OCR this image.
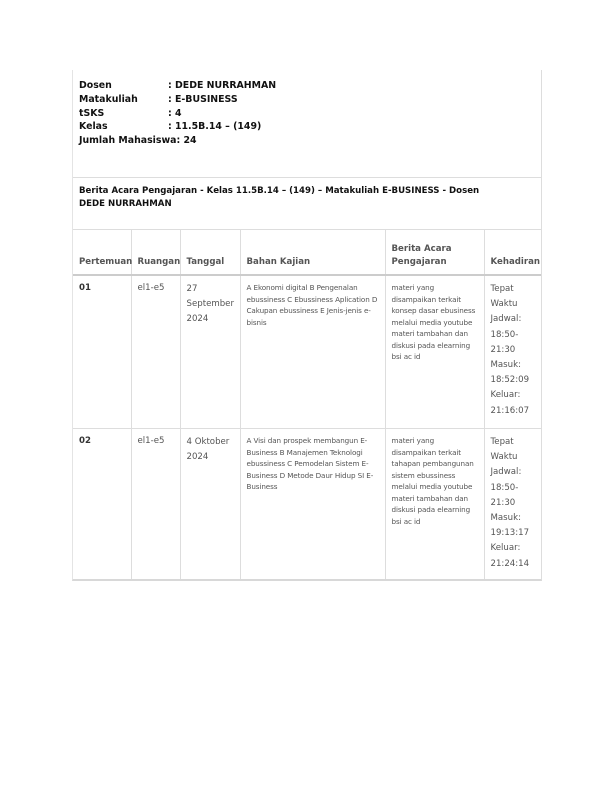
Dosen	: DEDE NURRAHMAN
Matakuliah	: E-BUSINESS
tSKS	: 4
Kelas	: 11.5B.14 – (149)
Jumlah Mahasiswa : 24
Berita Acara Pengajaran - Kelas 11.5B.14 – (149) – Matakuliah E-BUSINESS - Dosen DEDE NURRAHMAN
Pertemuan	Ruangan	Tanggal	Bahan Kajian	Berita Acara Pengajaran	Kehadiran
01	el1-e5	27 September 2024	A Ekonomi digital B Pengenalan ebussiness C Ebussiness Aplication D Cakupan ebussiness E Jenis-jenis e-bisnis	materi yang disampaikan terkait konsep dasar ebusiness melalui media youtube materi tambahan dan diskusi pada elearning bsi ac id	Tepat Waktu
Jadwal: 18:50-21:30
Masuk: 18:52:09
Keluar: 21:16:07

02	el1-e5	4 Oktober 2024	A Visi dan prospek membangun E-Business B Manajemen Teknologi ebussiness C Pemodelan Sistem E-Business D Metode Daur Hidup SI E- Business	materi yang disampaikan terkait tahapan pembangunan sistem ebussiness melalui media youtube materi tambahan dan diskusi pada elearning bsi ac id	Tepat Waktu
Jadwal: 18:50-21:30
Masuk: 19:13:17
Keluar: 21:24:14
